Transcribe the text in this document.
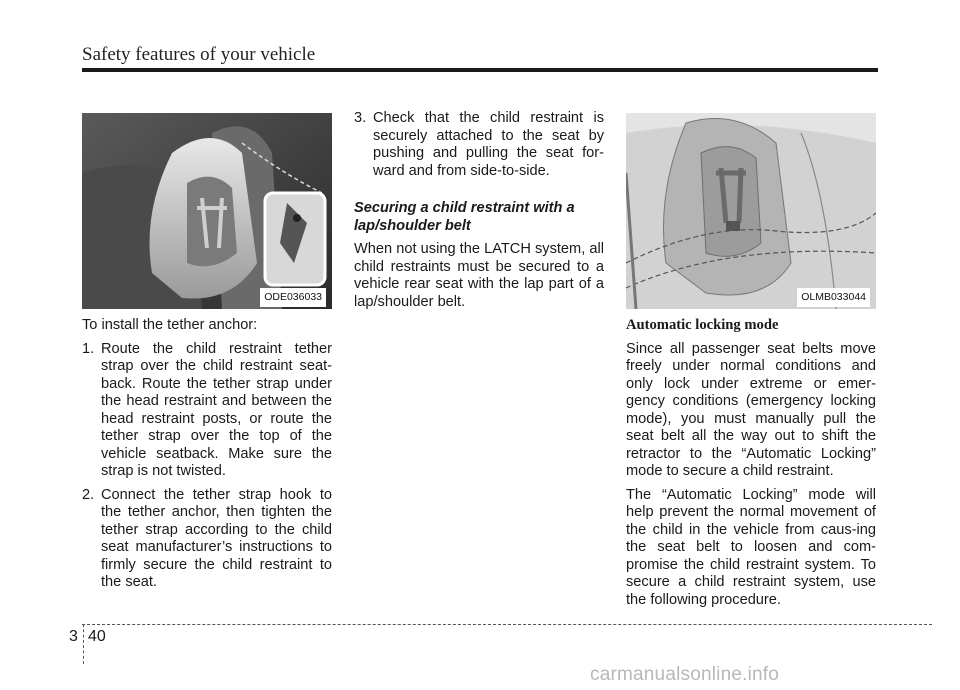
Safety features of your vehicle
ODE036033

To install the tether anchor:

1. Route the child restraint tether strap over the child restraint seat-back. Route the tether strap under the head restraint and between the head restraint posts, or route the tether strap over the top of the vehicle seatback. Make sure the strap is not twisted.
2. Connect the tether strap hook to the tether anchor, then tighten the tether strap according to the child seat manufacturer’s instructions to firmly secure the child restraint to the seat.
3. Check that the child restraint is securely attached to the seat by pushing and pulling the seat for-ward and from side-to-side.
Securing a child restraint with a lap/shoulder belt

When not using the LATCH system, all child restraints must be secured to a vehicle rear seat with the lap part of a lap/shoulder belt.	OLMB033044
Automatic locking mode

Since all passenger seat belts move freely under normal conditions and only lock under extreme or emer-gency conditions (emergency locking mode), you must manually pull the seat belt all the way out to shift the retractor to the “Automatic Locking” mode to secure a child restraint.

The “Automatic Locking” mode will help prevent the normal movement of the child in the vehicle from caus-ing the seat belt to loosen and com-promise the child restraint system. To secure a child restraint system, use the following procedure.

3 40
carmanualsonline.info
